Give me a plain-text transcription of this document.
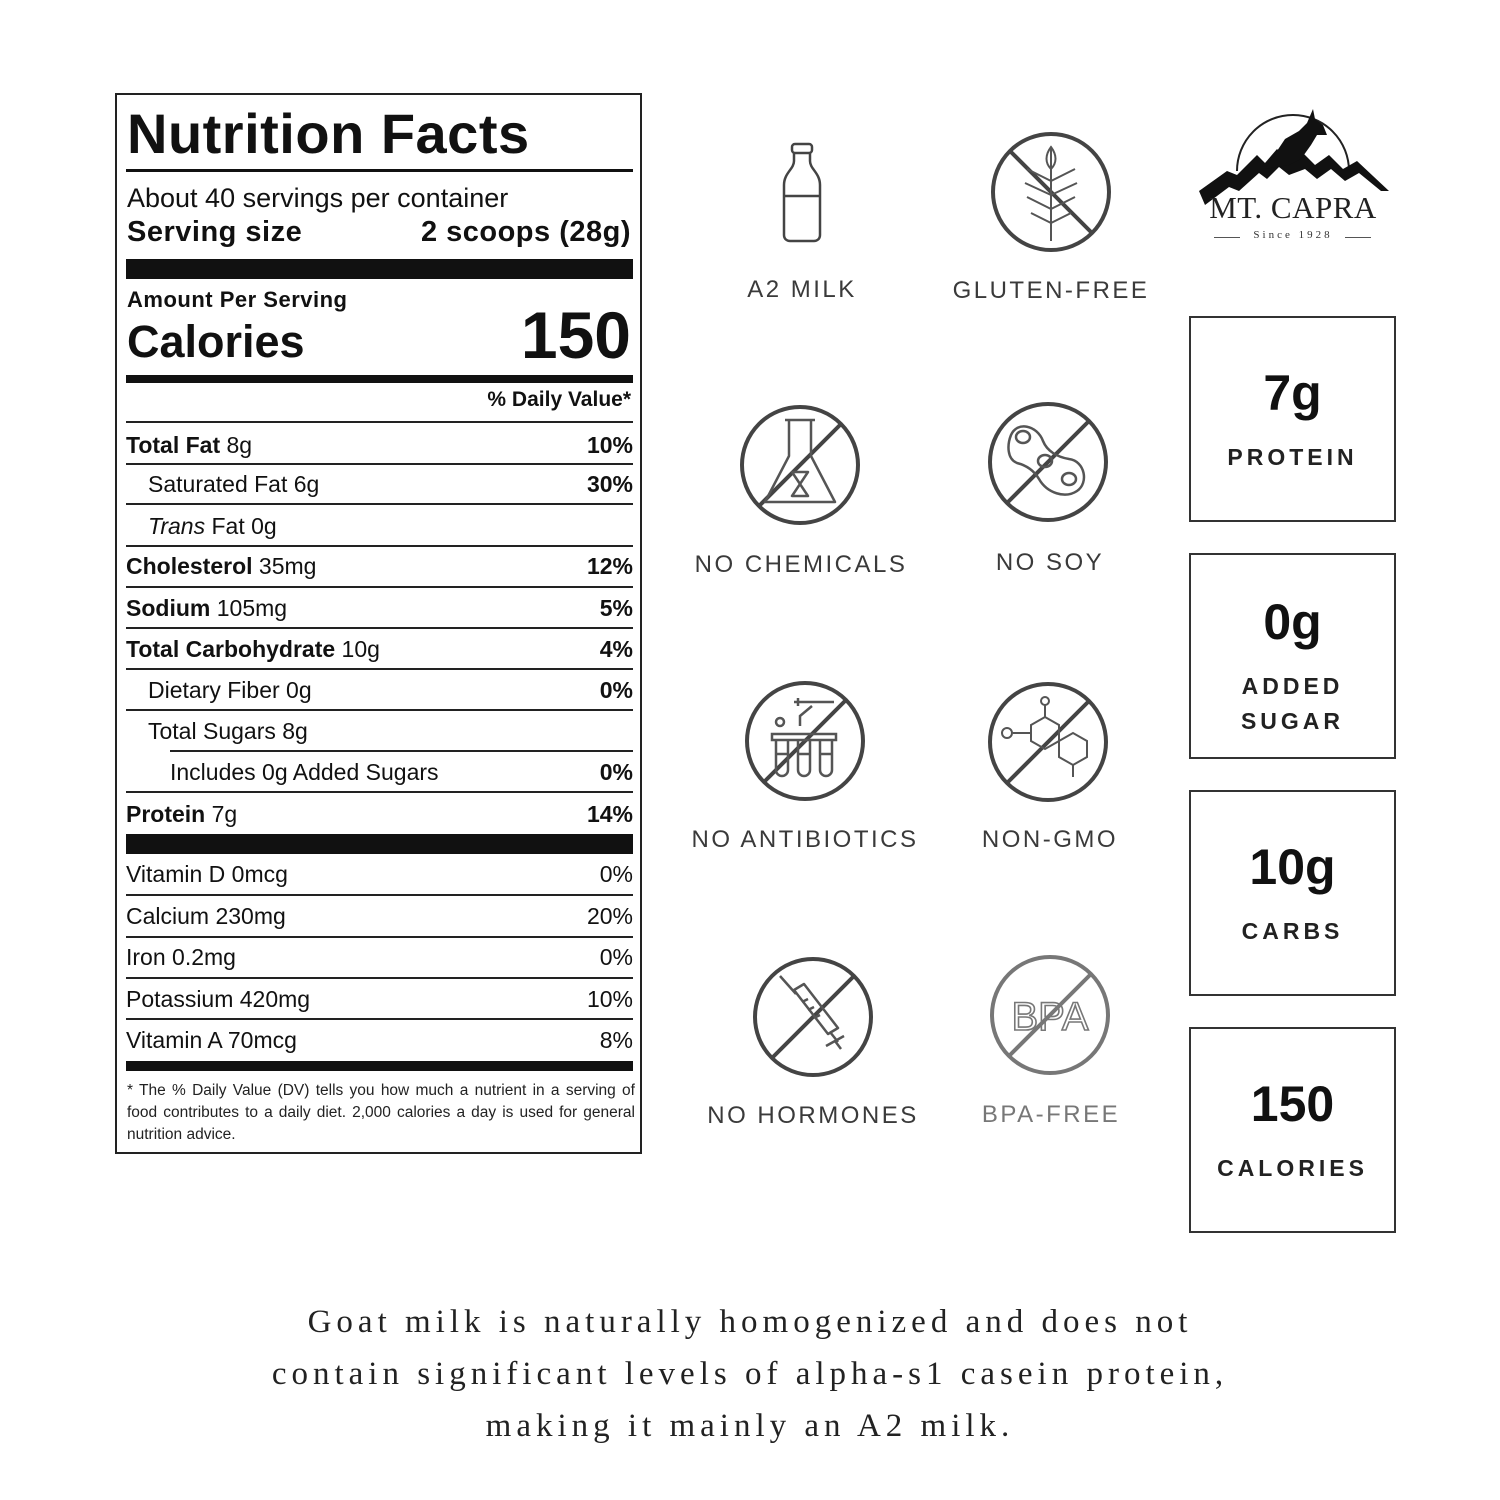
Nutrition Facts
About 40 servings per container
Serving size	2 scoops (28g)
Amount Per Serving
Calories	150
% Daily Value*
Total Fat 8g	10%
Saturated Fat 6g	30%
Trans Fat 0g
Cholesterol 35mg	12%
Sodium 105mg	5%
Total Carbohydrate 10g	4%
Dietary Fiber 0g	0%
Total Sugars 8g
Includes 0g Added Sugars	0%
Protein 7g	14%
Vitamin D 0mcg	0%
Calcium 230mg	20%
Iron 0.2mg	0%
Potassium 420mg	10%
Vitamin A 70mcg	8%
* The % Daily Value (DV) tells you how much a nutrient in a serving of food contributes to a daily diet. 2,000 calories a day is used for general nutrition advice.
A2 MILK	GLUTEN-FREE
NO CHEMICALS	NO SOY
NO ANTIBIOTICS	NON-GMO
NO HORMONES
BPA
BPA-FREE
MT. CAPRA
Since 1928
7g
PROTEIN
0g
ADDED
SUGAR
10g
CARBS
150
CALORIES
Goat milk is naturally homogenized and does not
contain significant levels of alpha-s1 casein protein,
making it mainly an A2 milk.
